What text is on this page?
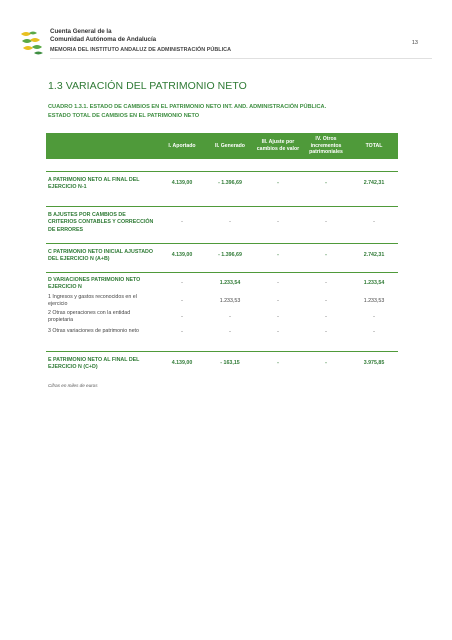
Cuenta General de la
Comunidad Autónoma de Andalucía
MEMORIA DEL INSTITUTO ANDALUZ DE ADMINISTRACIÓN PÚBLICA
13
1.3 VARIACIÓN DEL PATRIMONIO NETO
CUADRO 1.3.1. ESTADO DE CAMBIOS EN EL PATRIMONIO NETO INT. AND. ADMINISTRACIÓN PÚBLICA.
ESTADO TOTAL DE CAMBIOS EN EL PATRIMONIO NETO
	I. Aportado	II. Generado	III. Ajuste por cambios de valor	IV. Otros incrementos patrimoniales	TOTAL

A PATRIMONIO NETO AL FINAL DEL EJERCICIO N-1	4.139,00	- 1.396,69	-	-	2.742,31

B AJUSTES POR CAMBIOS DE CRITERIOS CONTABLES Y CORRECCIÓN DE ERRORES	-	-	-	-	-

C PATRIMONIO NETO INICIAL AJUSTADO DEL EJERCICIO N (A+B)	4.139,00	- 1.396,69	-	-	2.742,31

D VARIACIONES PATRIMONIO NETO EJERCICIO N	-	1.233,54	-	-	1.233,54
1 Ingresos y gastos reconocidos en el ejercicio	-	1.233,53	-	-	1.233,53
2 Otras operaciones con la entidad propietaria	-	-	-	-	-
3 Otras variaciones de patrimonio neto	-	-	-	-	-

E PATRIMONIO NETO AL FINAL DEL EJERCICIO N (C+D)	4.139,00	- 163,15	-	-	3.975,85
Cifras en miles de euros
